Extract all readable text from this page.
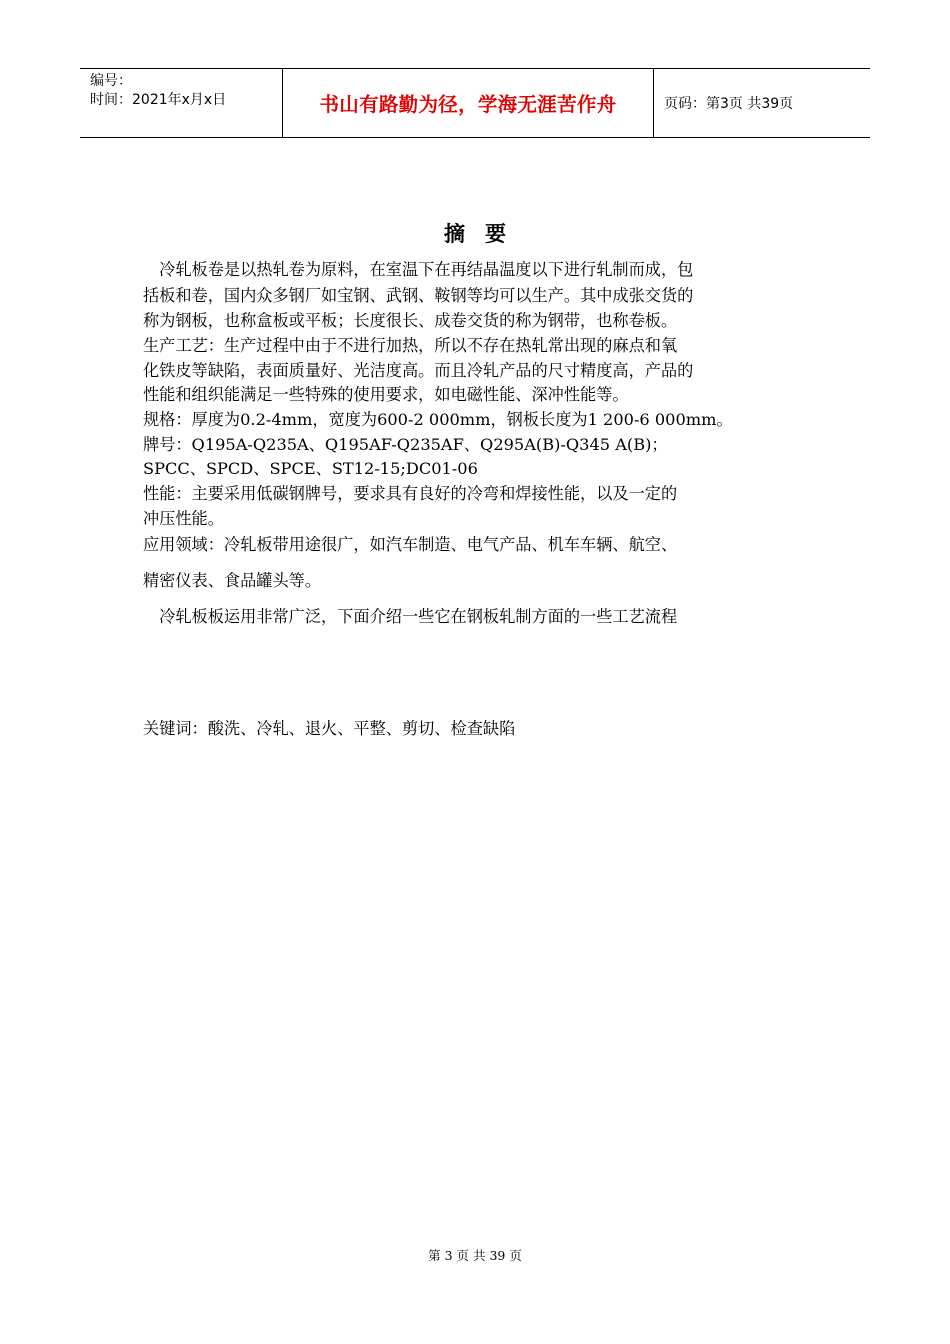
编号：
时间：2021年x月x日	书山有路勤为径，学海无涯苦作舟	页码：第3页 共39页
摘要
　冷轧板卷是以热轧卷为原料，在室温下在再结晶温度以下进行轧制而成，包
括板和卷，国内众多钢厂如宝钢、武钢、鞍钢等均可以生产。其中成张交货的
称为钢板，也称盒板或平板；长度很长、成卷交货的称为钢带，也称卷板。
生产工艺：生产过程中由于不进行加热，所以不存在热轧常出现的麻点和氧
化铁皮等缺陷，表面质量好、光洁度高。而且冷轧产品的尺寸精度高，产品的
性能和组织能满足一些特殊的使用要求，如电磁性能、深冲性能等。
规格：厚度为0.2-4mm，宽度为600-2 000mm，钢板长度为1 200-6 000mm。
牌号：Q195A-Q235A、Q195AF-Q235AF、Q295A(B)-Q345 A(B)；
SPCC、SPCD、SPCE、ST12-15;DC01-06
性能：主要采用低碳钢牌号，要求具有良好的冷弯和焊接性能，以及一定的
冲压性能。
应用领域：冷轧板带用途很广，如汽车制造、电气产品、机车车辆、航空、
精密仪表、食品罐头等。
　冷轧板板运用非常广泛，下面介绍一些它在钢板轧制方面的一些工艺流程
关键词：酸洗、冷轧、退火、平整、剪切、检查缺陷
第 3 页 共 39 页
